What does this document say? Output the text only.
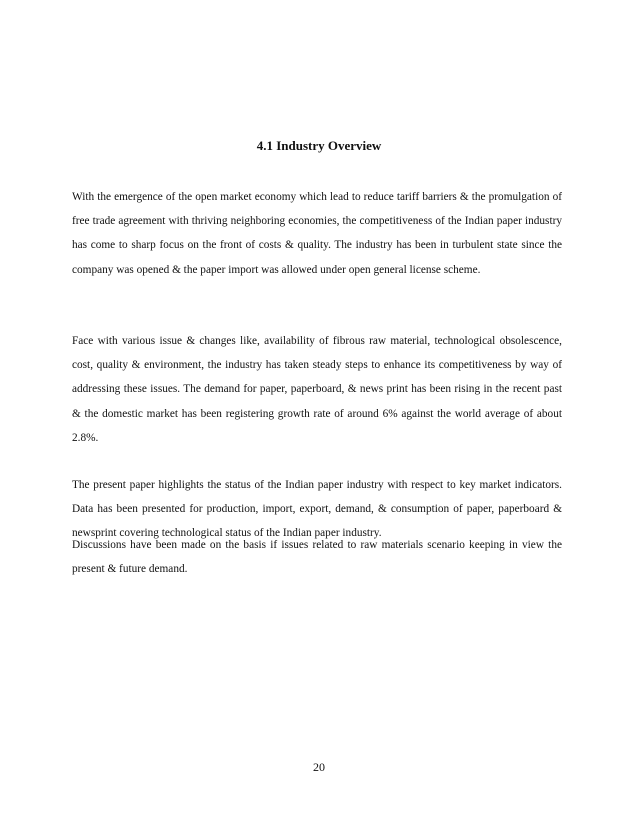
4.1 Industry Overview

With the emergence of the open market economy which lead to reduce tariff barriers & the promulgation of free trade agreement with thriving neighboring economies, the competitiveness of the Indian paper industry has come to sharp focus on the front of costs & quality. The industry has been in turbulent state since the company was opened & the paper import was allowed under open general license scheme.

Face with various issue & changes like, availability of fibrous raw material, technological obsolescence, cost, quality & environment, the industry has taken steady steps to enhance its competitiveness by way of addressing these issues. The demand for paper, paperboard, & news print has been rising in the recent past & the domestic market has been registering growth rate of around 6% against the world average of about 2.8%.

The present paper highlights the status of the Indian paper industry with respect to key market indicators. Data has been presented for production, import, export, demand, & consumption of paper, paperboard & newsprint covering technological status of the Indian paper industry.

Discussions have been made on the basis if issues related to raw materials scenario keeping in view the present & future demand.

20
